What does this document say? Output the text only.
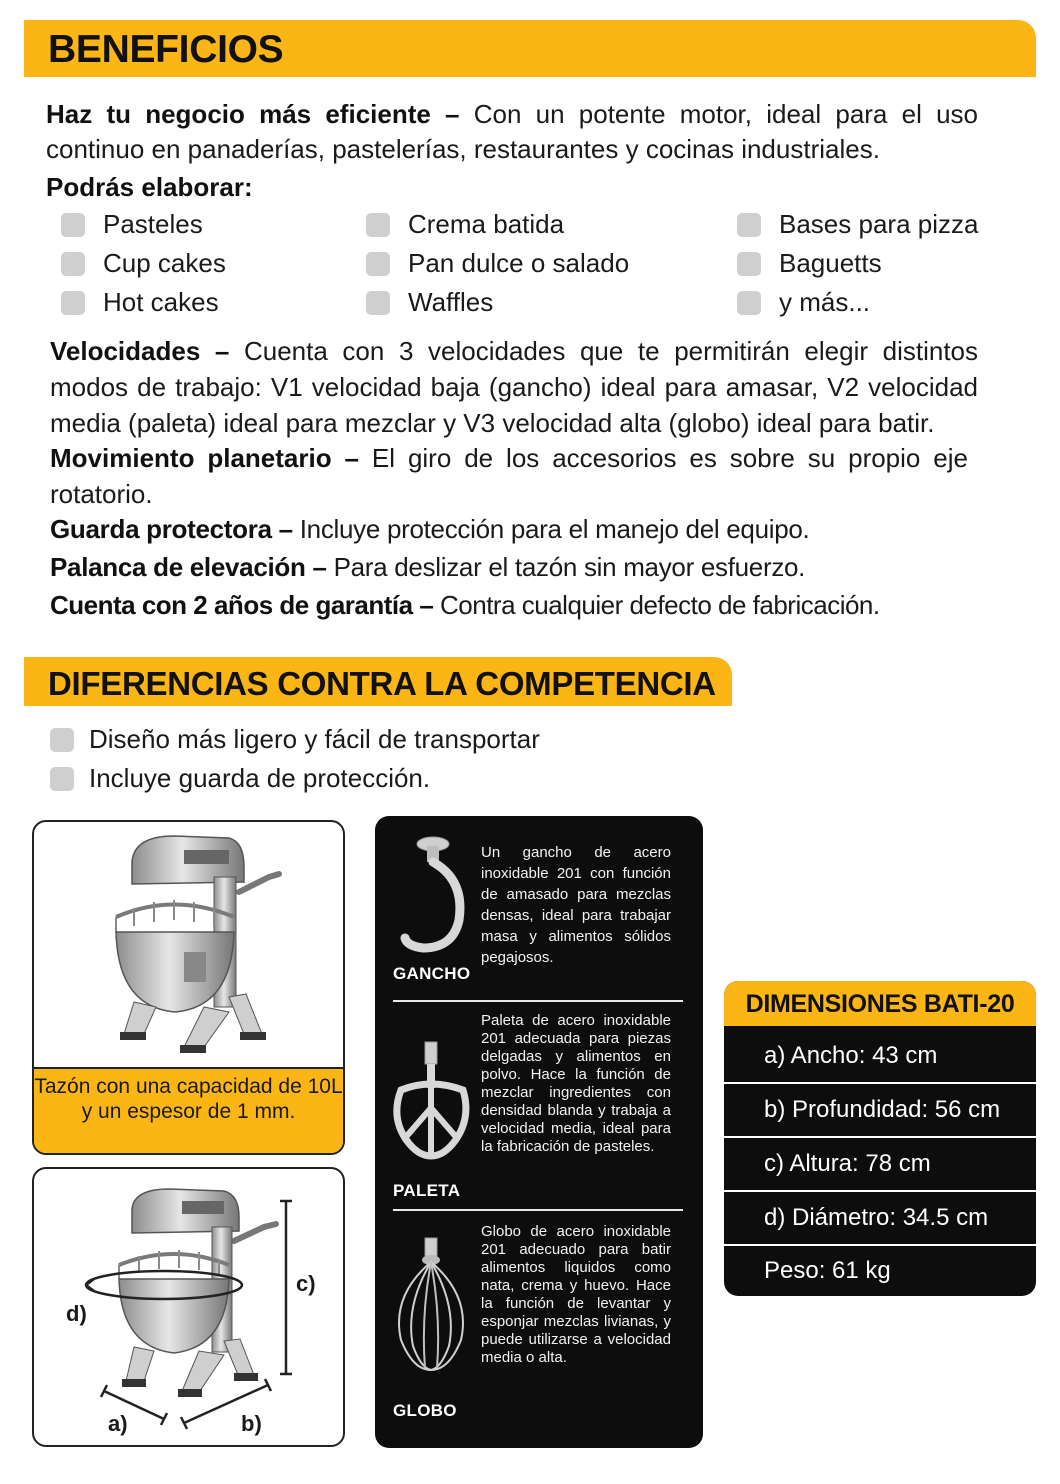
BENEFICIOS
Haz tu negocio más eficiente – Con un potente motor, ideal para el uso continuo en panaderías, pastelerías, restaurantes y cocinas industriales.
Podrás elaborar:
Pasteles
Cup cakes
Hot cakes
Crema batida
Pan dulce o salado
Waffles
Bases para pizza
Baguetts
y más...
Velocidades – Cuenta con 3 velocidades que te permitirán elegir distintos modos de trabajo: V1 velocidad baja (gancho) ideal para amasar, V2 velocidad media (paleta) ideal para mezclar y V3 velocidad alta (globo) ideal para batir.
Movimiento planetario – El giro de los accesorios es sobre su propio eje rotatorio.
Guarda protectora – Incluye protección para el manejo del equipo.
Palanca de elevación – Para deslizar el tazón sin mayor esfuerzo.
Cuenta con 2 años de garantía – Contra cualquier defecto de fabricación.
DIFERENCIAS CONTRA LA COMPETENCIA
Diseño más ligero y fácil de transportar
Incluye guarda de protección.
Tazón con una capacidad de 10L y un espesor de 1 mm.
c)
d)
a)	b)
Un gancho de acero inoxidable 201 con función de amasado para mezclas densas, ideal para trabajar masa y alimentos sólidos pegajosos.
GANCHO
Paleta de acero inoxidable 201 adecuada para piezas delgadas y alimentos en polvo. Hace la función de mezclar ingredientes con densidad blanda y trabaja a velocidad media, ideal para la fabricación de pasteles.
PALETA
Globo de acero inoxidable 201 adecuado para batir alimentos liquidos como nata, crema y huevo. Hace la función de levantar y esponjar mezclas livianas, y puede utilizarse a velocidad media o alta.
GLOBO
DIMENSIONES BATI-20
a) Ancho: 43 cm
b) Profundidad: 56 cm
c) Altura: 78 cm
d) Diámetro: 34.5 cm
Peso: 61 kg
